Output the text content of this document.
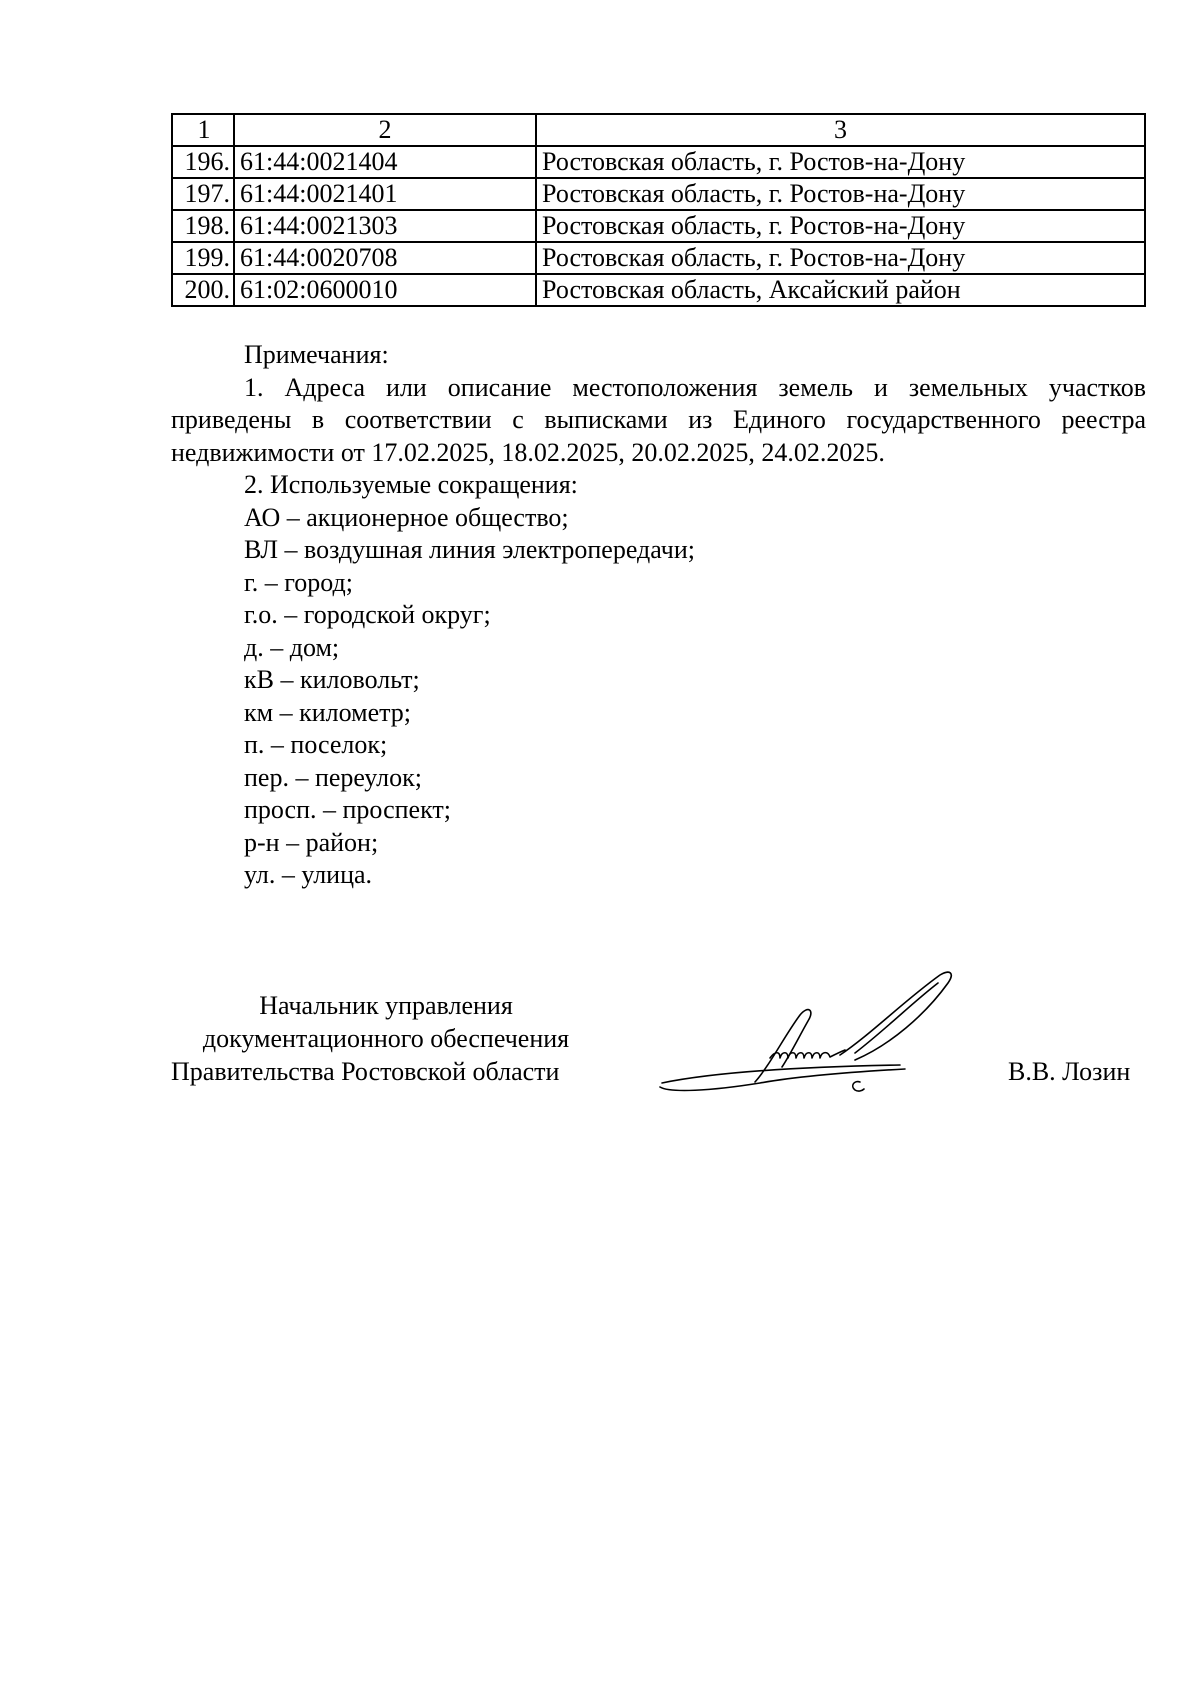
1	2	3
196.	61:44:0021404	Ростовская область, г. Ростов-на-Дону
197.	61:44:0021401	Ростовская область, г. Ростов-на-Дону
198.	61:44:0021303	Ростовская область, г. Ростов-на-Дону
199.	61:44:0020708	Ростовская область, г. Ростов-на-Дону
200.	61:02:0600010	Ростовская область, Аксайский район
Примечания:
1. Адреса или описание местоположения земель и земельных участков
приведены в соответствии с выписками из Единого государственного реестра
недвижимости от 17.02.2025, 18.02.2025, 20.02.2025, 24.02.2025.
2. Используемые сокращения:
АО – акционерное общество;
ВЛ – воздушная линия электропередачи;
г. – город;
г.о. – городской округ;
д. – дом;
кВ – киловольт;
км – километр;
п. – поселок;
пер. – переулок;
просп. – проспект;
р-н – район;
ул. – улица.
Начальник управления
документационного обеспечения
Правительства Ростовской области	В.В. Лозин
